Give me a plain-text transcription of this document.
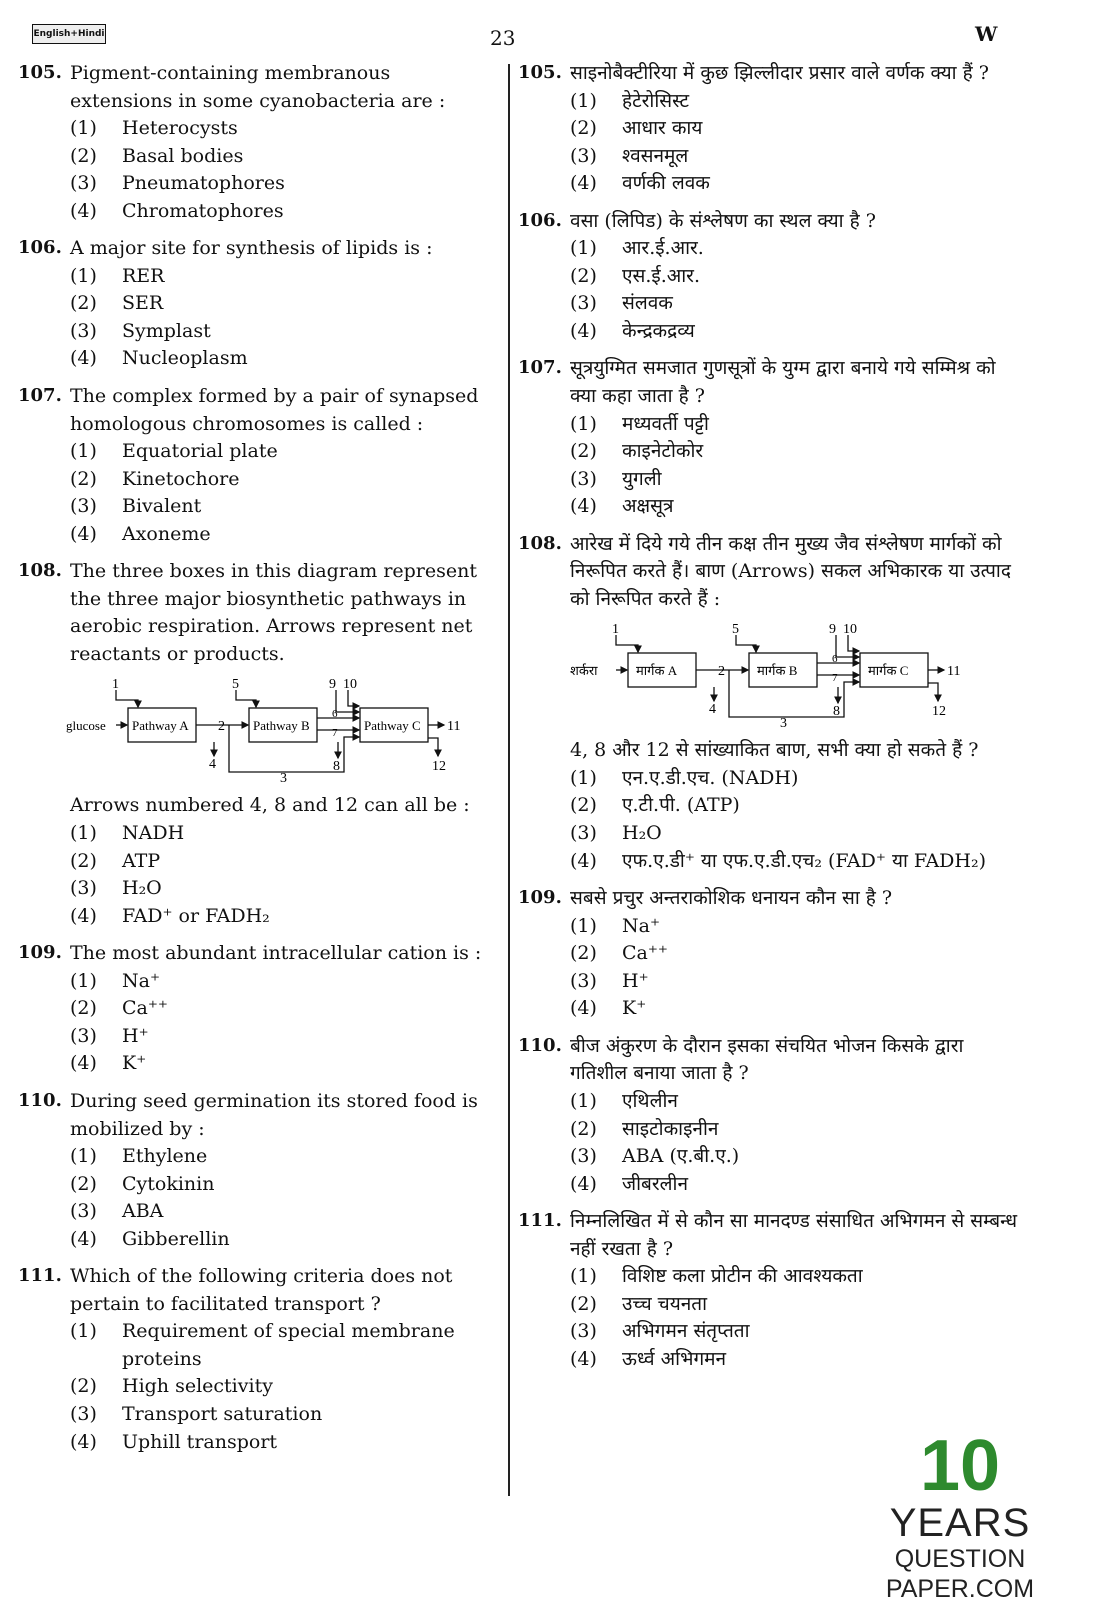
English+Hindi	23	W
105. Pigment-containing membranous extensions in some cyanobacteria are :
(1) Heterocysts
(2) Basal bodies
(3) Pneumatophores
(4) Chromatophores
106. A major site for synthesis of lipids is :
(1) RER
(2) SER
(3) Symplast
(4) Nucleoplasm
107. The complex formed by a pair of synapsed homologous chromosomes is called :
(1) Equatorial plate
(2) Kinetochore
(3) Bivalent
(4) Axoneme
108. The three boxes in this diagram represent the three major biosynthetic pathways in aerobic respiration. Arrows represent net reactants or products.
glucose Pathway A	Pathway B	Pathway C
1
2
3
4
5
6
7
8
9 10
11
12
Arrows numbered 4, 8 and 12 can all be :
(1) NADH
(2) ATP
(3) H₂O
(4) FAD⁺ or FADH₂
109. The most abundant intracellular cation is :
(1) Na⁺
(2) Ca⁺⁺
(3) H⁺
(4) K⁺
110. During seed germination its stored food is mobilized by :
(1) Ethylene
(2) Cytokinin
(3) ABA
(4) Gibberellin
111. Which of the following criteria does not pertain to facilitated transport ?
(1) Requirement of special membrane proteins
(2) High selectivity
(3) Transport saturation
(4) Uphill transport
105. साइनोबैक्टीरिया में कुछ झिल्लीदार प्रसार वाले वर्णक क्या हैं ?
(1) हेटेरोसिस्ट
(2) आधार काय
(3) श्वसनमूल
(4) वर्णकी लवक
106. वसा (लिपिड) के संश्लेषण का स्थल क्या है ?
(1) आर.ई.आर.
(2) एस.ई.आर.
(3) संलवक
(4) केन्द्रकद्रव्य
107. सूत्रयुग्मित समजात गुणसूत्रों के युग्म द्वारा बनाये गये सम्मिश्र को क्या कहा जाता है ?
(1) मध्यवर्ती पट्टी
(2) काइनेटोकोर
(3) युगली
(4) अक्षसूत्र
108. आरेख में दिये गये तीन कक्ष तीन मुख्य जैव संश्लेषण मार्गकों को निरूपित करते हैं। बाण (Arrows) सकल अभिकारक या उत्पाद को निरूपित करते हैं :
शर्करा	मार्गक A	मार्गक B	मार्गक C
1
2
3
4
5
6
7
8
9 10
11
12
4, 8 और 12 से सांख्याकित बाण, सभी क्या हो सकते हैं ?
(1) एन.ए.डी.एच. (NADH)
(2) ए.टी.पी. (ATP)
(3) H₂O
(4) एफ.ए.डी⁺ या एफ.ए.डी.एच₂ (FAD⁺ या FADH₂)
109. सबसे प्रचुर अन्तराकोशिक धनायन कौन सा है ?
(1) Na⁺
(2) Ca⁺⁺
(3) H⁺
(4) K⁺
110. बीज अंकुरण के दौरान इसका संचयित भोजन किसके द्वारा गतिशील बनाया जाता है ?
(1) एथिलीन
(2) साइटोकाइनीन
(3) ABA (ए.बी.ए.)
(4) जीबरलीन
111. निम्नलिखित में से कौन सा मानदण्ड संसाधित अभिगमन से सम्बन्ध नहीं रखता है ?
(1) विशिष्ट कला प्रोटीन की आवश्यकता
(2) उच्च चयनता
(3) अभिगमन संतृप्तता
(4) ऊर्ध्व अभिगमन
10
YEARS
QUESTION PAPER.COM
